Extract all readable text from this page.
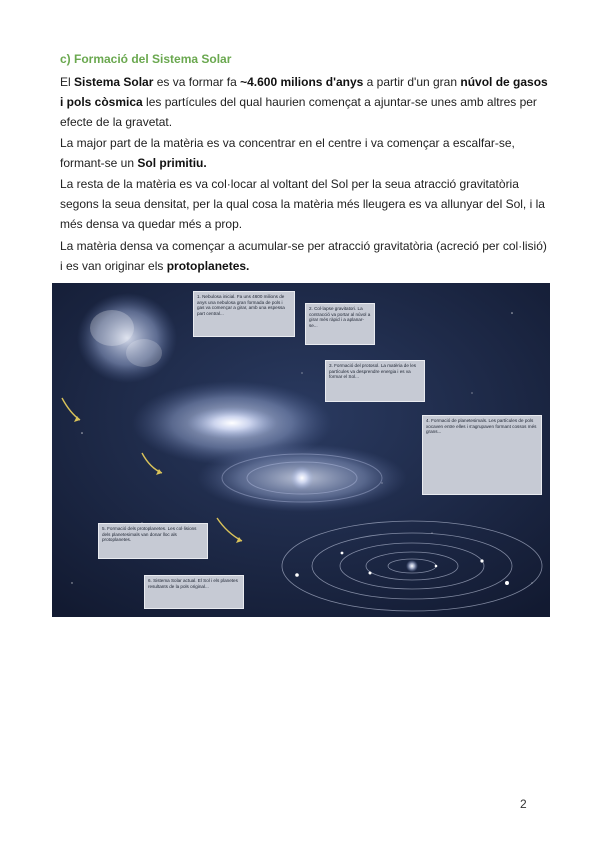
c) Formació del Sistema Solar
El Sistema Solar es va formar fa ~4.600 milions d'anys a partir d'un gran núvol de gasos i pols còsmica les partícules del qual haurien començat a ajuntar-se unes amb altres per efecte de la gravetat.
La major part de la matèria es va concentrar en el centre i va començar a escalfar-se, formant-se un Sol primitiu.
La resta de la matèria es va col·locar al voltant del Sol per la seua atracció gravitatòria segons la seua densitat, per la qual cosa la matèria més lleugera es va allunyar del Sol, i la més densa va quedar més a prop.
La matèria densa va començar a acumular-se per atracció gravitatòria (acreció per col·lisió) i es van originar els protoplanetes.
1. Nebulosa inicial. Fa uns 4600 milions de anys una nebulosa gran formada de pols i gas va començar a girar, amb una espessa part central...
2. Col·lapse gravitatori. La contracció va portar al núvol a girar més ràpid i a aplanar-se...
3. Formació del protosol. La matèria de les partícules va desprendre energia i es va formar el Sol...
4. Formació de planetesimals. Les partícules de pols xocaven entre elles i s'agrupaven formant cossos més grans...
5. Formació dels protoplanetes. Les col·lisions dels planetesimals van donar lloc als protoplanetes.
6. Sistema Solar actual. El Sol i els planetes resultants de la pols original...
2
